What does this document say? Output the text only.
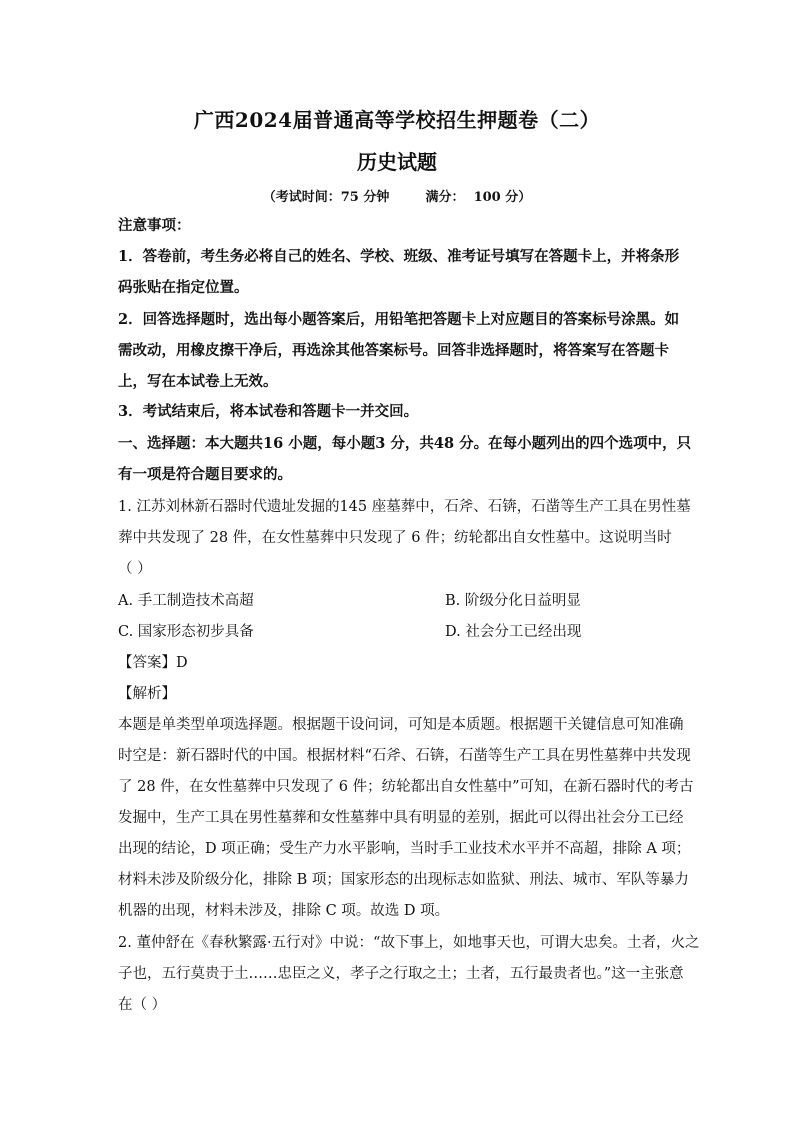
广西2024届普通高等学校招生押题卷（二）
历史试题
（考试时间：75 分钟        满分：  100 分）
注意事项：
1．答卷前，考生务必将自己的姓名、学校、班级、准考证号填写在答题卡上，并将条形
码张贴在指定位置。
2．回答选择题时，选出每小题答案后，用铅笔把答题卡上对应题目的答案标号涂黑。如
需改动，用橡皮擦干净后，再选涂其他答案标号。回答非选择题时，将答案写在答题卡
上，写在本试卷上无效。
3．考试结束后，将本试卷和答题卡一并交回。
一、选择题：本大题共16 小题，每小题3 分，共48 分。在每小题列出的四个选项中，只
有一项是符合题目要求的。
1. 江苏刘林新石器时代遗址发掘的145 座墓葬中，石斧、石锛，石凿等生产工具在男性墓
葬中共发现了 28 件，在女性墓葬中只发现了 6 件；纺轮都出自女性墓中。这说明当时
（ ）
A. 手工制造技术高超	B. 阶级分化日益明显
C. 国家形态初步具备	D. 社会分工已经出现
【答案】D
【解析】
本题是单类型单项选择题。根据题干设问词，可知是本质题。根据题干关键信息可知准确
时空是：新石器时代的中国。根据材料“石斧、石锛，石凿等生产工具在男性墓葬中共发现
了 28 件，在女性墓葬中只发现了 6 件；纺轮都出自女性墓中”可知，在新石器时代的考古
发掘中，生产工具在男性墓葬和女性墓葬中具有明显的差别，据此可以得出社会分工已经
出现的结论，D 项正确；受生产力水平影响，当时手工业技术水平并不高超，排除 A 项；
材料未涉及阶级分化，排除 B 项；国家形态的出现标志如监狱、刑法、城市、军队等暴力
机器的出现，材料未涉及，排除 C 项。故选 D 项。
2. 董仲舒在《春秋繁露·五行对》中说：“故下事上，如地事天也，可谓大忠矣。土者，火之
子也，五行莫贵于土……忠臣之义，孝子之行取之土；土者，五行最贵者也。”这一主张意
在（ ）
